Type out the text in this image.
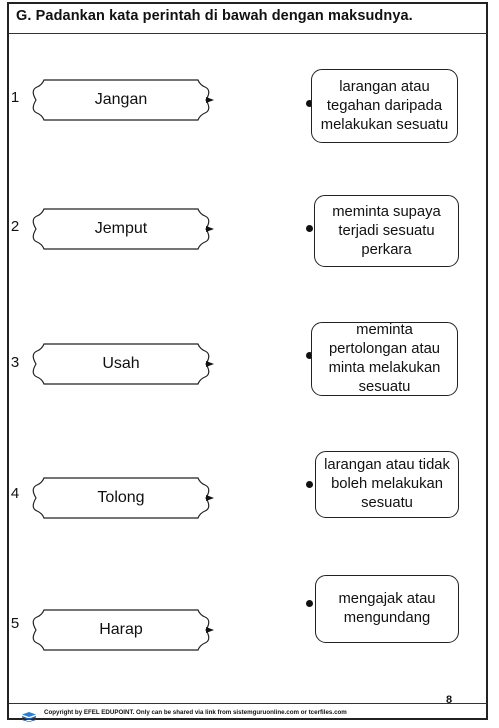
G. Padankan kata perintah di bawah dengan maksudnya.
1	Jangan
larangan atau tegahan daripada melakukan sesuatu
2	Jemput
meminta supaya terjadi sesuatu perkara
3	Usah
meminta pertolongan atau minta melakukan sesuatu
4	Tolong
larangan atau tidak boleh melakukan sesuatu
5	Harap
mengajak atau mengundang
Copyright by EFEL EDUPOINT. Only can be shared via link from sistemguruonline.com or tcerfiles.com
8
